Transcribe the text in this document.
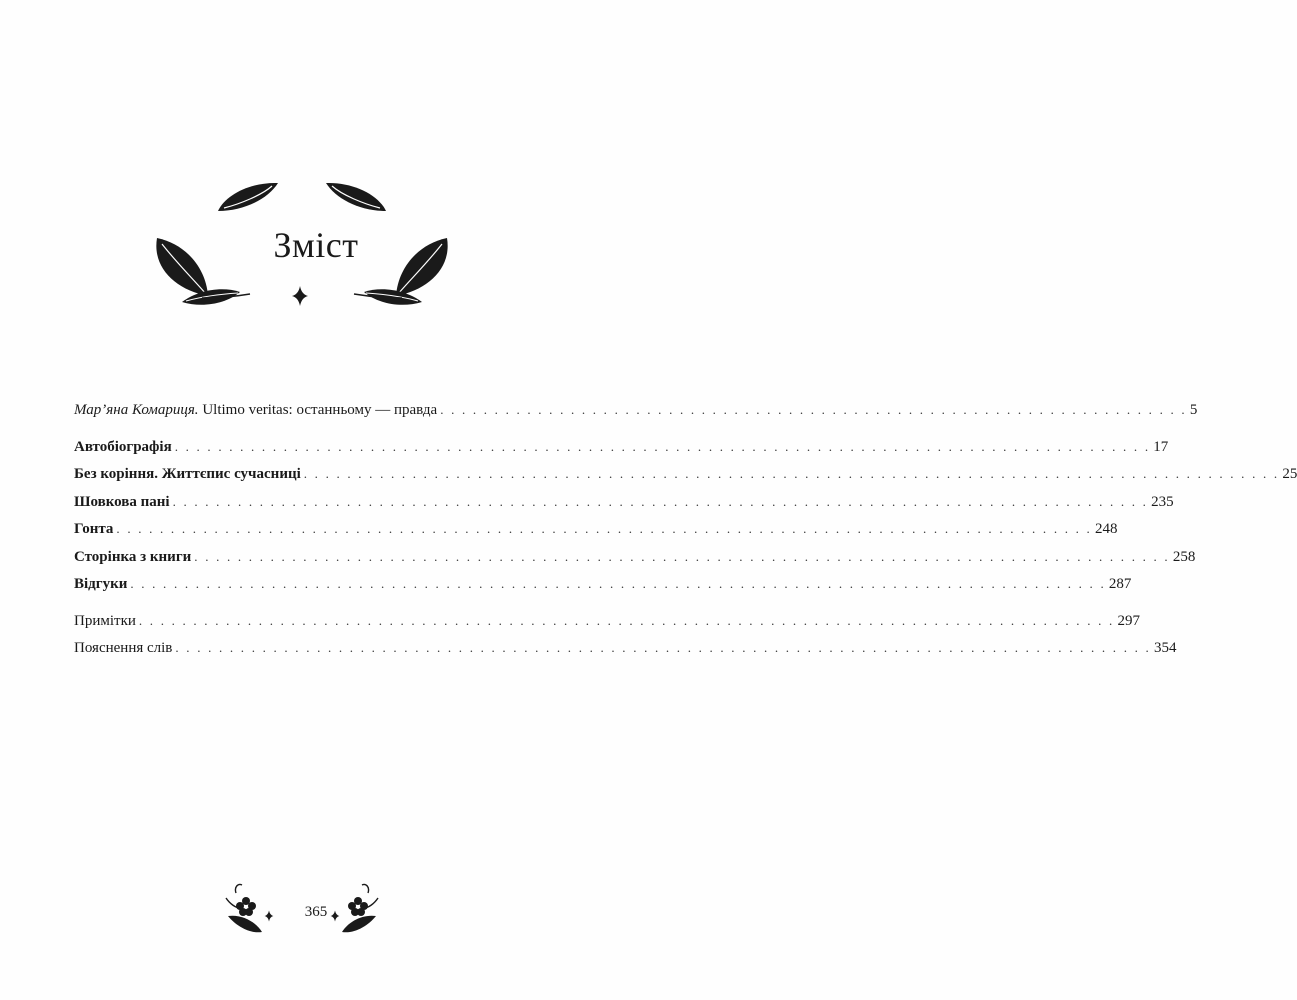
Зміст
Мар’яна Комариця. Ultimo veritas: останньому — правда . . . . . . . . . . . . . . . . . . . . . . . . . . . . . . . . . . . . . . . . . . . . . . . . . . . . . . . . . . . . . . . . . . . . . 5
Автобіографія . . . . . . . . . . . . . . . . . . . . . . . . . . . . . . . . . . . . . . . . . . . . . . . . . . . . . . . . . . . . . . . . . . . . . . . . . . . . . . . . . . . . . . . . . . 17
Без коріння. Життєпис сучасниці . . . . . . . . . . . . . . . . . . . . . . . . . . . . . . . . . . . . . . . . . . . . . . . . . . . . . . . . . . . . . . . . . . . . . . . . . . . . . . . . . . . . . . . . . . 25
Шовкова пані . . . . . . . . . . . . . . . . . . . . . . . . . . . . . . . . . . . . . . . . . . . . . . . . . . . . . . . . . . . . . . . . . . . . . . . . . . . . . . . . . . . . . . . . . . 235
Гонта . . . . . . . . . . . . . . . . . . . . . . . . . . . . . . . . . . . . . . . . . . . . . . . . . . . . . . . . . . . . . . . . . . . . . . . . . . . . . . . . . . . . . . . . . . 248
Сторінка з книги . . . . . . . . . . . . . . . . . . . . . . . . . . . . . . . . . . . . . . . . . . . . . . . . . . . . . . . . . . . . . . . . . . . . . . . . . . . . . . . . . . . . . . . . . . 258
Відгуки . . . . . . . . . . . . . . . . . . . . . . . . . . . . . . . . . . . . . . . . . . . . . . . . . . . . . . . . . . . . . . . . . . . . . . . . . . . . . . . . . . . . . . . . . . 287
Примітки . . . . . . . . . . . . . . . . . . . . . . . . . . . . . . . . . . . . . . . . . . . . . . . . . . . . . . . . . . . . . . . . . . . . . . . . . . . . . . . . . . . . . . . . . . 297
Пояснення слів . . . . . . . . . . . . . . . . . . . . . . . . . . . . . . . . . . . . . . . . . . . . . . . . . . . . . . . . . . . . . . . . . . . . . . . . . . . . . . . . . . . . . . . . . . 354
365
